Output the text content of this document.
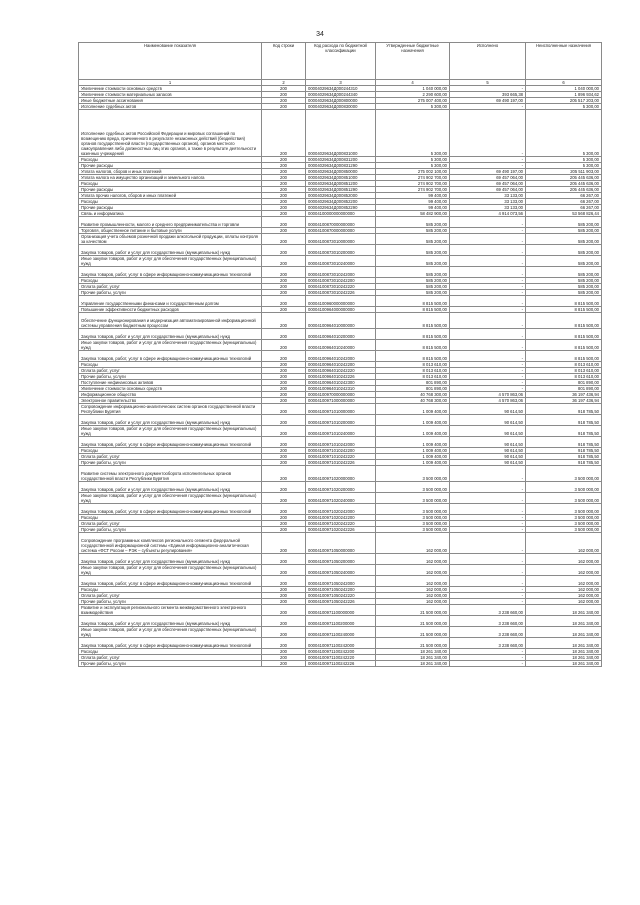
34
Наименование показателя	Код строки	Код расхода по бюджетной классификации	Утвержденные бюджетные назначения	Исполнено	Неисполненные назначения
1	2	3	4	5	6
Увеличение стоимости основных средств	200	00004029634Д000244310	1 040 000,00	-	1 040 000,00
Увеличение стоимости материальных запасов	200	00004029634Д000244340	2 290 600,00	393 665,38	1 896 934,62
Иные бюджетные ассигнования	200	00004029634Д000800000	275 007 400,00	69 490 197,00	205 517 203,00
Исполнение судебных актов	200	00004029634Д000830000	5 300,00	-	5 300,00
Исполнение судебных актов Российской Федерации и мировых соглашений по возмещению вреда, причиненного в результате незаконных действий (бездействия) органов государственной власти (государственных органов), органов местного самоуправления либо должностных лиц этих органов, а также в результате деятельности казенных учреждений	200	00004029634Д000831000	5 300,00	-	5 300,00
Расходы	200	00004029634Д000831200	5 300,00	-	5 300,00
Прочие расходы	200	00004029634Д000831290	5 300,00	-	5 300,00
Уплата налогов, сборов и иных платежей	200	00004029634Д000850000	275 002 100,00	69 490 197,00	205 511 903,00
Уплата налога на имущество организаций и земельного налога	200	00004029634Д000851000	274 902 700,00	69 457 064,00	205 445 636,00
Расходы	200	00004029634Д000851200	274 902 700,00	69 457 064,00	205 445 636,00
Прочие расходы	200	00004029634Д000851290	274 902 700,00	69 457 064,00	205 445 636,00
Уплата прочих налогов, сборов и иных платежей	200	00004029634Д000852000	99 400,00	33 133,00	66 267,00
Расходы	200	00004029634Д000852200	99 400,00	33 133,00	66 267,00
Прочие расходы	200	00004029634Д000852290	99 400,00	33 133,00	66 267,00
Связь и информатика	200	00004100000000000000	58 482 900,00	4 914 073,56	53 568 826,44
Развитие промышленности, малого и среднего предпринимательства и торговли	200	00004100870000000000	585 200,00	-	585 200,00
Торговля, общественное питание и бытовые услуги	200	00004100870000000000	585 200,00	-	585 200,00
Организация учета объемов розничной продажи алкогольной продукции, оплаты контроля за качеством	200	00004100873010000000	585 200,00	-	585 200,00
Закупка товаров, работ и услуг для государственных (муниципальных) нужд	200	00004100873010200000	585 200,00	-	585 200,00
Иные закупки товаров, работ и услуг для обеспечения государственных (муниципальных) нужд	200	00004100873010240000	585 200,00	-	585 200,00
Закупка товаров, работ, услуг в сфере информационно-коммуникационных технологий	200	00004100873010242000	585 200,00	-	585 200,00
Расходы	200	00004100873010242200	585 200,00	-	585 200,00
Оплата работ, услуг	200	00004100873010242220	585 200,00	-	585 200,00
Прочие работы, услуги	200	00004100873010242226	585 200,00	-	585 200,00
Управление государственными финансами и государственным долгом	200	00004100960000000000	8 815 500,00	-	8 815 500,00
Повышение эффективности бюджетных расходов	200	00004100964000000000	8 815 500,00	-	8 815 500,00
Обеспечение функционирования и модернизация автоматизированной информационной системы управления бюджетным процессом	200	00004100964010000000	8 815 500,00	-	8 815 500,00
Закупка товаров, работ и услуг для государственных (муниципальных) нужд	200	00004100964010200000	8 815 500,00	-	8 815 500,00
Иные закупки товаров, работ и услуг для обеспечения государственных (муниципальных) нужд	200	00004100964010240000	8 815 500,00	-	8 815 500,00
Закупка товаров, работ, услуг в сфере информационно-коммуникационных технологий	200	00004100964010242000	8 815 500,00	-	8 815 500,00
Расходы	200	00004100964010242200	8 013 610,00	-	8 013 610,00
Оплата работ, услуг	200	00004100964010242220	8 013 610,00	-	8 013 610,00
Прочие работы, услуги	200	00004100964010242226	8 013 610,00	-	8 013 610,00
Поступление нефинансовых активов	200	00004100964010242300	801 890,00	-	801 890,00
Увеличение стоимости основных средств	200	00004100964010242310	801 890,00	-	801 890,00
Информационное общество	200	00004100970000000000	40 768 300,00	4 570 863,06	36 197 436,94
Электронное правительство	200	00004100971000000000	40 768 300,00	4 570 863,06	36 197 436,94
Сопровождение информационно-аналитических систем органов государственной власти Республики Бурятия	200	00004100971010000000	1 009 400,00	90 614,50	918 785,50
Закупка товаров, работ и услуг для государственных (муниципальных) нужд	200	00004100971010200000	1 009 400,00	90 614,50	918 785,50
Иные закупки товаров, работ и услуг для обеспечения государственных (муниципальных) нужд	200	00004100971010240000	1 009 400,00	90 614,50	918 785,50
Закупка товаров, работ, услуг в сфере информационно-коммуникационных технологий	200	00004100971010242000	1 009 400,00	90 614,50	918 785,50
Расходы	200	00004100971010242200	1 009 400,00	90 614,50	918 785,50
Оплата работ, услуг	200	00004100971010242220	1 009 400,00	90 614,50	918 785,50
Прочие работы, услуги	200	00004100971010242226	1 009 400,00	90 614,50	918 785,50
Развитие системы электронного документооборота исполнительных органов государственной власти Республики Бурятия	200	00004100971020000000	3 500 000,00	-	3 500 000,00
Закупка товаров, работ и услуг для государственных (муниципальных) нужд	200	00004100971020200000	3 500 000,00	-	3 500 000,00
Иные закупки товаров, работ и услуг для обеспечения государственных (муниципальных) нужд	200	00004100971020240000	3 500 000,00	-	3 500 000,00
Закупка товаров, работ, услуг в сфере информационно-коммуникационных технологий	200	00004100971020242000	3 500 000,00	-	3 500 000,00
Расходы	200	00004100971020242200	3 500 000,00	-	3 500 000,00
Оплата работ, услуг	200	00004100971020242220	3 500 000,00	-	3 500 000,00
Прочие работы, услуги	200	00004100971020242226	3 500 000,00	-	3 500 000,00
Сопровождение программных комплексов регионального сегмента федеральной государственной информационной системы «Единая информационно-аналитическая система «ФСТ России – РЭК – субъекты регулирования»	200	00004100971050000000	162 000,00	-	162 000,00
Закупка товаров, работ и услуг для государственных (муниципальных) нужд	200	00004100971050200000	162 000,00	-	162 000,00
Иные закупки товаров, работ и услуг для обеспечения государственных (муниципальных) нужд	200	00004100971050240000	162 000,00	-	162 000,00
Закупка товаров, работ, услуг в сфере информационно-коммуникационных технологий	200	00004100971050242000	162 000,00	-	162 000,00
Расходы	200	00004100971050242200	162 000,00	-	162 000,00
Оплата работ, услуг	200	00004100971050242220	162 000,00	-	162 000,00
Прочие работы, услуги	200	00004100971050242226	162 000,00	-	162 000,00
Развитие и эксплуатация регионального сегмента межведомственного электронного взаимодействия	200	00004100971100000000	21 500 000,00	3 238 660,00	18 261 340,00
Закупка товаров, работ и услуг для государственных (муниципальных) нужд	200	00004100971100200000	21 500 000,00	3 238 660,00	18 261 340,00
Иные закупки товаров, работ и услуг для обеспечения государственных (муниципальных) нужд	200	00004100971100240000	21 500 000,00	3 238 660,00	18 261 340,00
Закупка товаров, работ, услуг в сфере информационно-коммуникационных технологий	200	00004100971100242000	21 500 000,00	3 238 660,00	18 261 340,00
Расходы	200	00004100971100242200	18 261 340,00	-	18 261 340,00
Оплата работ, услуг	200	00004100971100242220	18 261 340,00	-	18 261 340,00
Прочие работы, услуги	200	00004100971100242226	18 261 340,00	-	18 261 340,00
